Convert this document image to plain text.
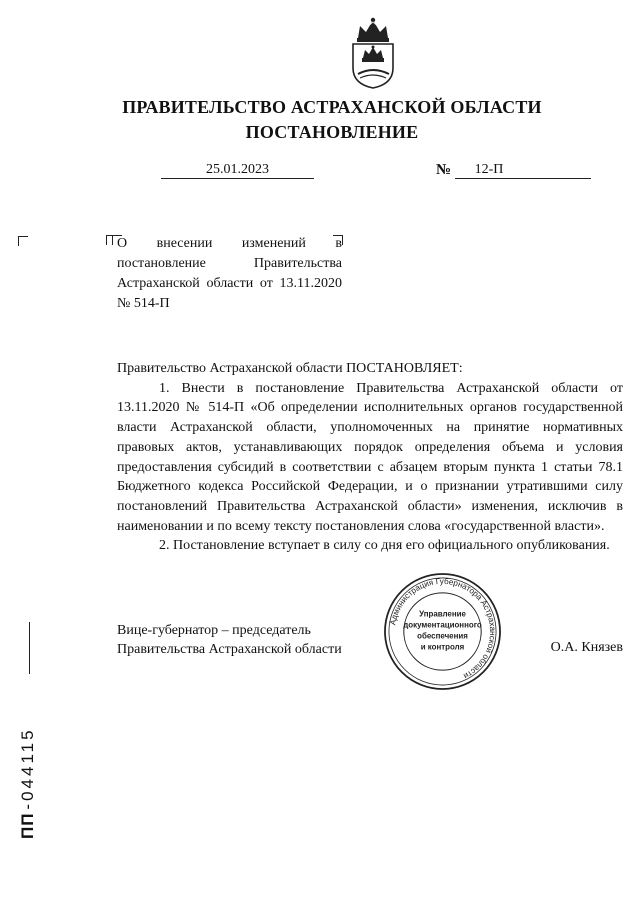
ПРАВИТЕЛЬСТВО АСТРАХАНСКОЙ ОБЛАСТИ
ПОСТАНОВЛЕНИЕ
25.01.2023	№	12-П

О внесении изменений в постановление Правительства Астраханской области от 13.11.2020 № 514-П

Правительство Астраханской области ПОСТАНОВЛЯЕТ:

1. Внести в постановление Правительства Астраханской области от 13.11.2020 № 514-П «Об определении исполнительных органов государственной власти Астраханской области, уполномоченных на принятие нормативных правовых актов, устанавливающих порядок определения объема и условия предоставления субсидий в соответствии с абзацем вторым пункта 1 статьи 78.1 Бюджетного кодекса Российской Федерации, и о признании утратившими силу постановлений Правительства Астраханской области» изменения, исключив в наименовании и по всему тексту постановления слова «государственной власти».

2. Постановление вступает в силу со дня его официального опубликования.

Вице-губернатор – председатель
Правительства Астраханской области	О.А. Князев
Администрация Губернатора Астраханской области
Управление
документационного
обеспечения
и контроля
ПП-044115
